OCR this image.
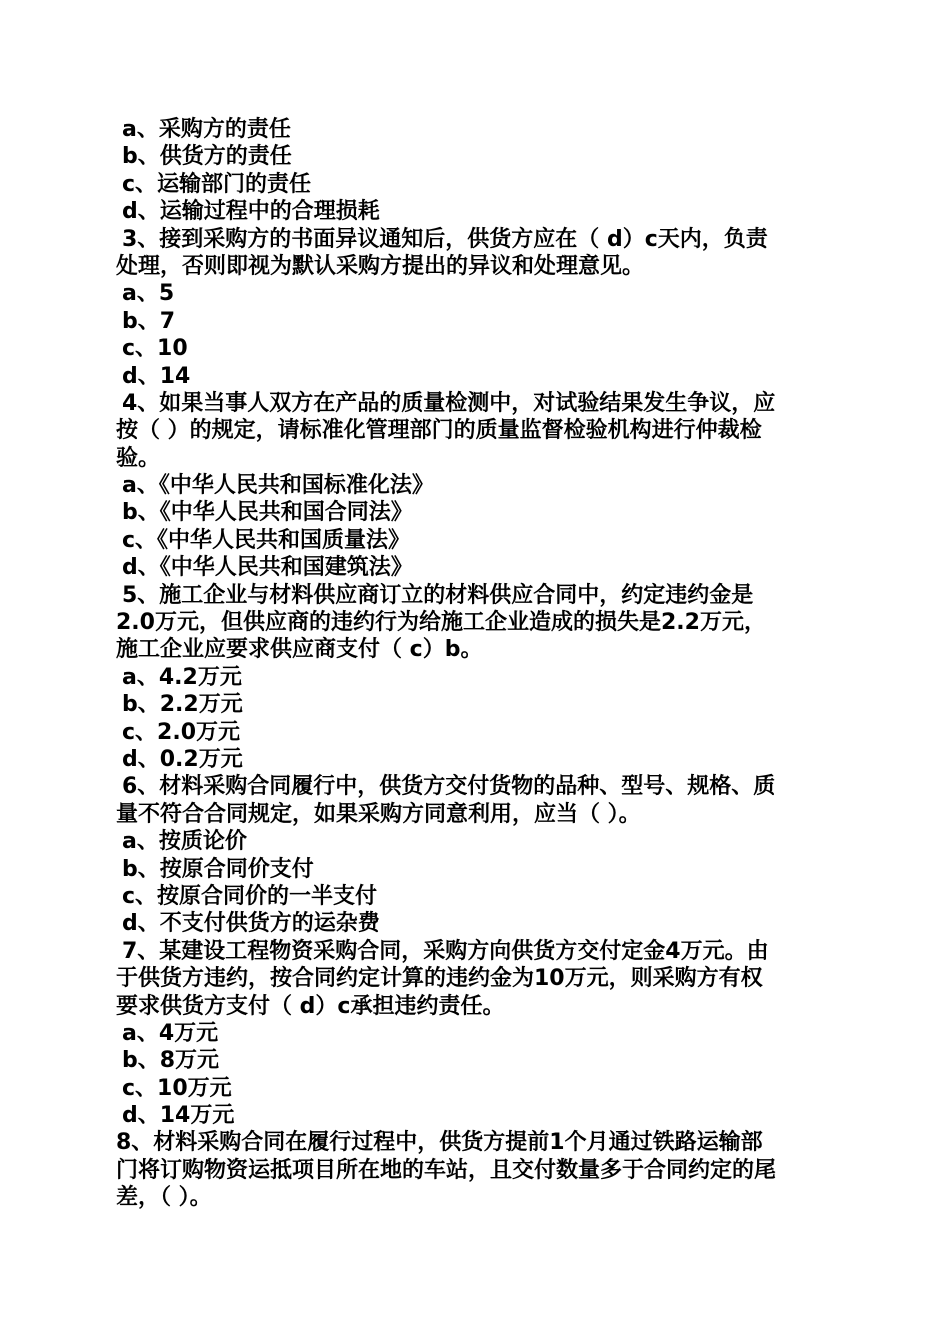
a、采购方的责任
b、供货方的责任
c、运输部门的责任
d、运输过程中的合理损耗
3、接到采购方的书面异议通知后，供货方应在（ d）c天内，负责
处理，否则即视为默认采购方提出的异议和处理意见。
a、5
b、7
c、10
d、14
4、如果当事人双方在产品的质量检测中，对试验结果发生争议，应
按（ ）的规定，请标准化管理部门的质量监督检验机构进行仲裁检
验。
a、《中华人民共和国标准化法》
b、《中华人民共和国合同法》
c、《中华人民共和国质量法》
d、《中华人民共和国建筑法》
5、施工企业与材料供应商订立的材料供应合同中，约定违约金是
2.0万元，但供应商的违约行为给施工企业造成的损失是2.2万元，
施工企业应要求供应商支付（ c）b。
a、4.2万元
b、2.2万元
c、2.0万元
d、0.2万元
6、材料采购合同履行中，供货方交付货物的品种、型号、规格、质
量不符合合同规定，如果采购方同意利用，应当（ ）。
a、按质论价
b、按原合同价支付
c、按原合同价的一半支付
d、不支付供货方的运杂费
7、某建设工程物资采购合同，采购方向供货方交付定金4万元。由
于供货方违约，按合同约定计算的违约金为10万元，则采购方有权
要求供货方支付（ d）c承担违约责任。
a、4万元
b、8万元
c、10万元
d、14万元
8、材料采购合同在履行过程中，供货方提前1个月通过铁路运输部
门将订购物资运抵项目所在地的车站，且交付数量多于合同约定的尾
差，（ ）。
